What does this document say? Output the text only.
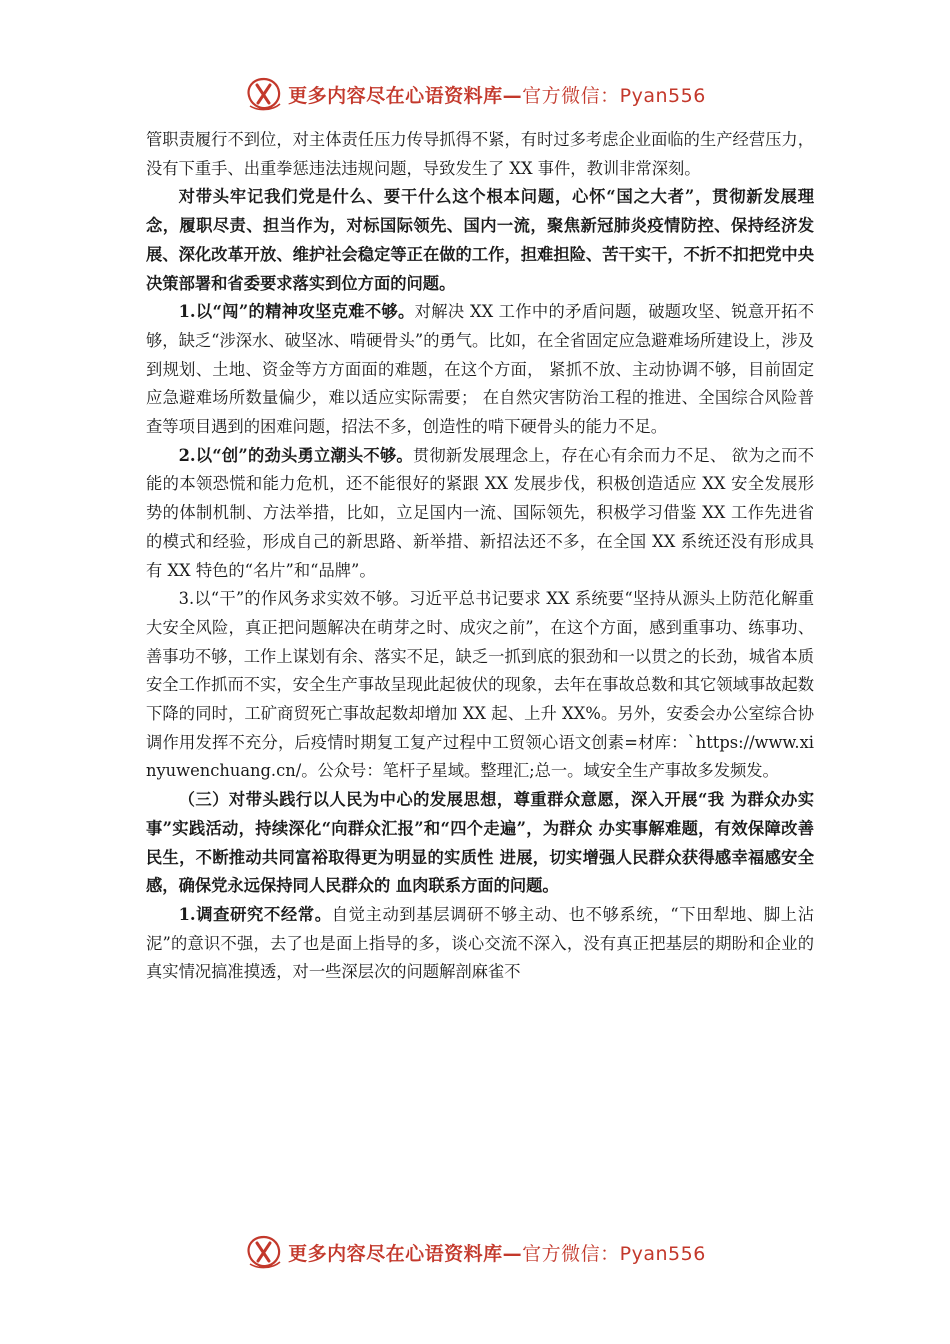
更多内容尽在心语资料库— 官方微信：Pyan556

管职责履行不到位，对主体责任压力传导抓得不紧，有时过多考虑企业面临的生产经营压力，没有下重手、出重拳惩违法违规问题，导致发生了 XX 事件，教训非常深刻。

对带头牢记我们党是什么、要干什么这个根本问题，心怀“国之大者”，贯彻新发展理念，履职尽责、担当作为，对标国际领先、国内一流，聚焦新冠肺炎疫情防控、保持经济发展、深化改革开放、维护社会稳定等正在做的工作，担难担险、苦干实干，不折不扣把党中央决策部署和省委要求落实到位方面的问题。

1.以“闯”的精神攻坚克难不够。对解决 XX 工作中的矛盾问题，破题攻坚、锐意开拓不够，缺乏“涉深水、破坚冰、啃硬骨头”的勇气。比如，在全省固定应急避难场所建设上，涉及到规划、土地、资金等方方面面的难题，在这个方面， 紧抓不放、主动协调不够，目前固定应急避难场所数量偏少，难以适应实际需要； 在自然灾害防治工程的推进、全国综合风险普查等项目遇到的困难问题，招法不多，创造性的啃下硬骨头的能力不足。

2.以“创”的劲头勇立潮头不够。贯彻新发展理念上，存在心有余而力不足、 欲为之而不能的本领恐慌和能力危机，还不能很好的紧跟 XX 发展步伐，积极创造适应 XX 安全发展形势的体制机制、方法举措，比如，立足国内一流、国际领先，积极学习借鉴 XX 工作先进省的模式和经验，形成自己的新思路、新举措、新招法还不多，在全国 XX 系统还没有形成具有 XX 特色的“名片”和“品牌”。

3.以“干”的作风务求实效不够。习近平总书记要求 XX 系统要“坚持从源头上防范化解重大安全风险，真正把问题解决在萌芽之时、成灾之前”，在这个方面，感到重事功、练事功、善事功不够，工作上谋划有余、落实不足，缺乏一抓到底的狠劲和一以贯之的长劲，城省本质安全工作抓而不实，安全生产事故呈现此起彼伏的现象，去年在事故总数和其它领域事故起数下降的同时，工矿商贸死亡事故起数却增加 XX 起、上升 XX%。另外，安委会办公室综合协调作用发挥不充分，后疫情时期复工复产过程中工贸领心语文创素=材库：`https://www.xinyuwenchuang.cn/。公众号：笔杆子星域。整理汇;总一。域安全生产事故多发频发。

（三）对带头践行以人民为中心的发展思想，尊重群众意愿，深入开展“我 为群众办实事”实践活动，持续深化“向群众汇报”和“四个走遍”，为群众 办实事解难题，有效保障改善民生，不断推动共同富裕取得更为明显的实质性 进展，切实增强人民群众获得感幸福感安全感，确保党永远保持同人民群众的 血肉联系方面的问题。

1.调查研究不经常。自觉主动到基层调研不够主动、也不够系统，“下田犁地、脚上沾泥”的意识不强，去了也是面上指导的多，谈心交流不深入，没有真正把基层的期盼和企业的真实情况搞准摸透，对一些深层次的问题解剖麻雀不

更多内容尽在心语资料库— 官方微信：Pyan556
